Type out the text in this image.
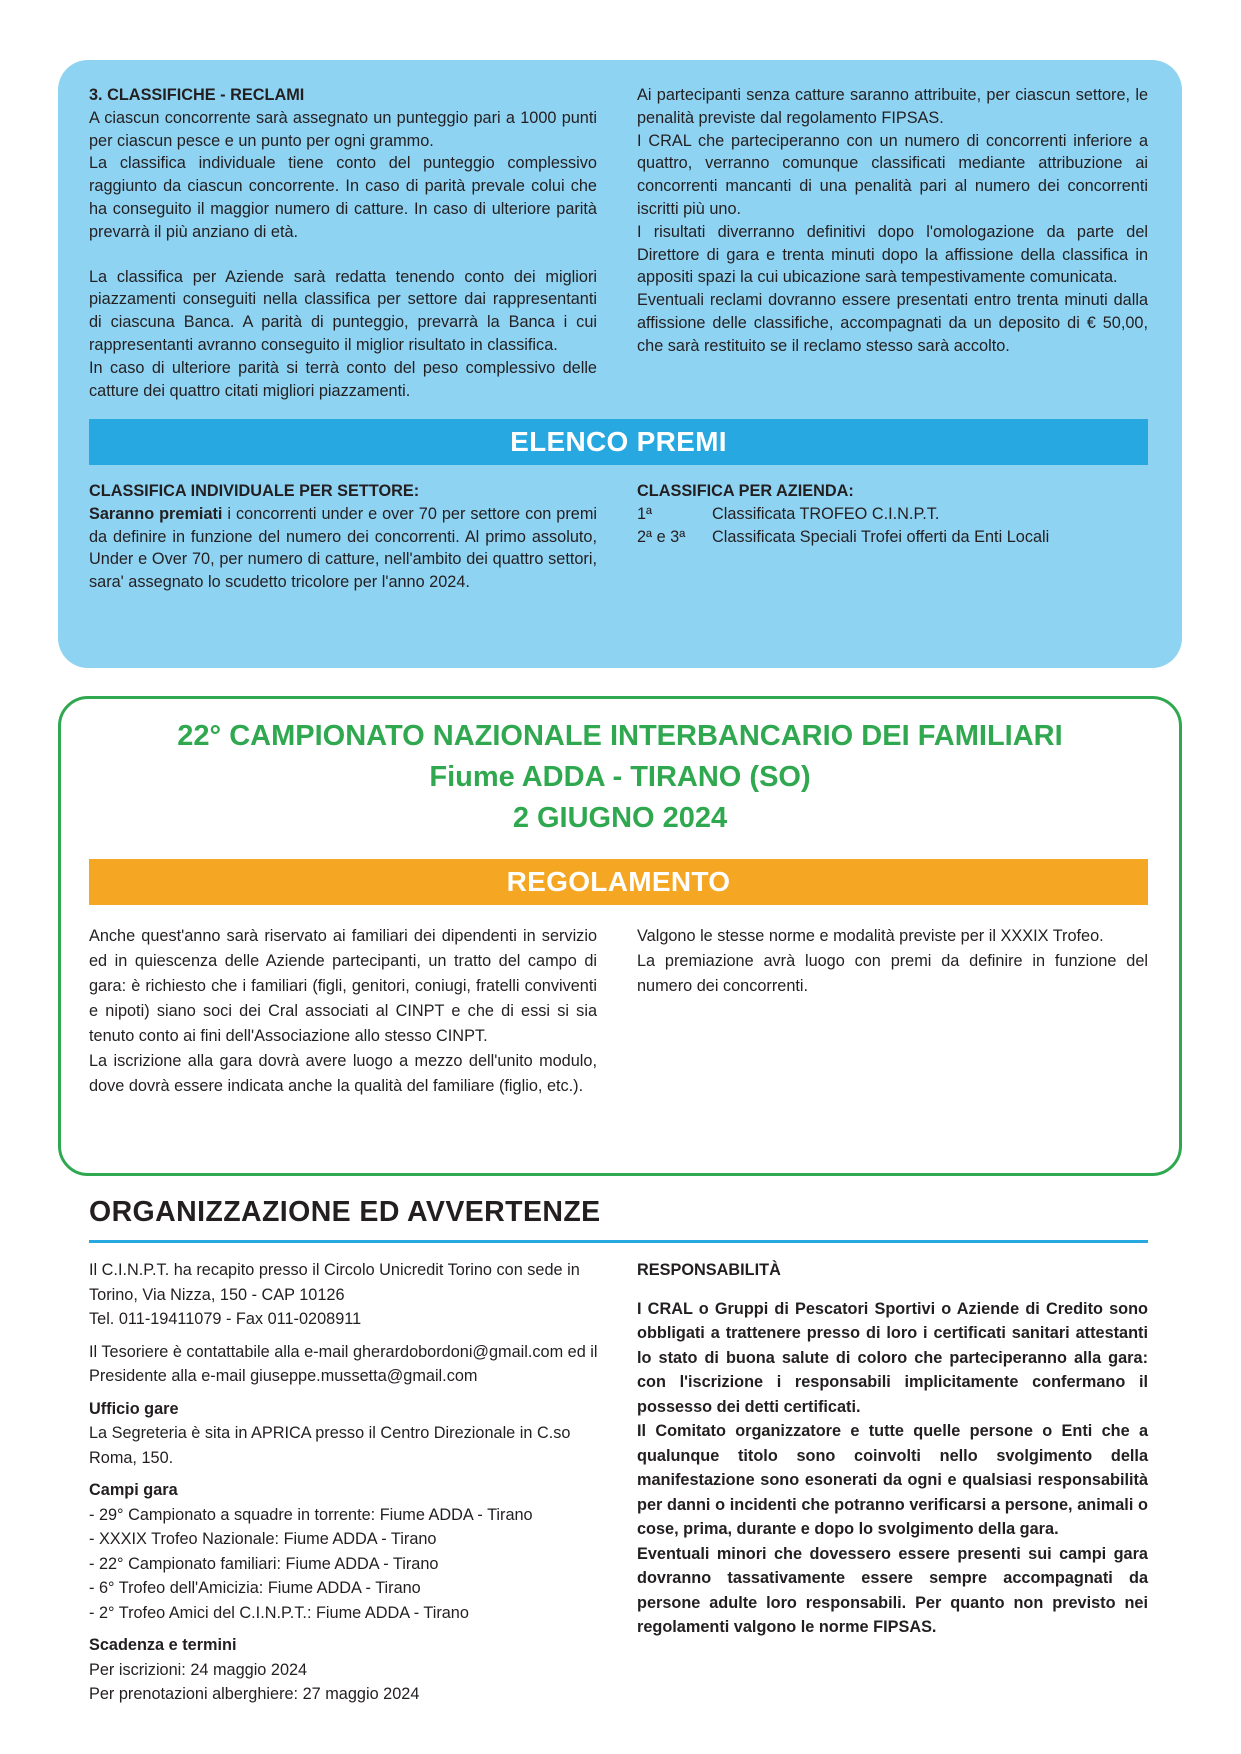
3. CLASSIFICHE - RECLAMI

A ciascun concorrente sarà assegnato un punteggio pari a 1000 punti per ciascun pesce e un punto per ogni grammo.

La classifica individuale tiene conto del punteggio complessivo raggiunto da ciascun concorrente. In caso di parità prevale colui che ha conseguito il maggior numero di catture. In caso di ulteriore parità prevarrà il più anziano di età.

La classifica per Aziende sarà redatta tenendo conto dei migliori piazzamenti conseguiti nella classifica per settore dai rappresentanti di ciascuna Banca. A parità di punteggio, prevarrà la Banca i cui rappresentanti avranno conseguito il miglior risultato in classifica.

In caso di ulteriore parità si terrà conto del peso complessivo delle catture dei quattro citati migliori piazzamenti.

Ai partecipanti senza catture saranno attribuite, per ciascun settore, le penalità previste dal regolamento FIPSAS.

I CRAL che parteciperanno con un numero di concorrenti inferiore a quattro, verranno comunque classificati mediante attribuzione ai concorrenti mancanti di una penalità pari al numero dei concorrenti iscritti più uno.

I risultati diverranno definitivi dopo l'omologazione da parte del Direttore di gara e trenta minuti dopo la affissione della classifica in appositi spazi la cui ubicazione sarà tempestivamente comunicata.

Eventuali reclami dovranno essere presentati entro trenta minuti dalla affissione delle classifiche, accompagnati da un deposito di € 50,00, che sarà restituito se il reclamo stesso sarà accolto.

ELENCO PREMI

CLASSIFICA INDIVIDUALE PER SETTORE:

Saranno premiati i concorrenti under e over 70 per settore con premi da definire in funzione del numero dei concorrenti. Al primo assoluto, Under e Over 70, per numero di catture, nell'ambito dei quattro settori, sara' assegnato lo scudetto tricolore per l'anno 2024.

CLASSIFICA PER AZIENDA:

1ª	Classificata TROFEO C.I.N.P.T.
2ª e 3ª	Classificata Speciali Trofei offerti da Enti Locali
22° CAMPIONATO NAZIONALE INTERBANCARIO DEI FAMILIARI
Fiume ADDA - TIRANO (SO)
2 GIUGNO 2024
REGOLAMENTO

Anche quest'anno sarà riservato ai familiari dei dipendenti in servizio ed in quiescenza delle Aziende partecipanti, un tratto del campo di gara: è richiesto che i familiari (figli, genitori, coniugi, fratelli conviventi e nipoti) siano soci dei Cral associati al CINPT e che di essi si sia tenuto conto ai fini dell'Associazione allo stesso CINPT.

La iscrizione alla gara dovrà avere luogo a mezzo dell'unito modulo, dove dovrà essere indicata anche la qualità del familiare (figlio, etc.).

Valgono le stesse norme e modalità previste per il XXXIX Trofeo.

La premiazione avrà luogo con premi da definire in funzione del numero dei concorrenti.

ORGANIZZAZIONE ED AVVERTENZE

Il C.I.N.P.T. ha recapito presso il Circolo Unicredit Torino con sede in Torino, Via Nizza, 150 - CAP 10126

Tel. 011-19411079 - Fax 011-0208911

Il Tesoriere è contattabile alla e-mail gherardobordoni@gmail.com ed il Presidente alla e-mail giuseppe.mussetta@gmail.com

Ufficio gare

La Segreteria è sita in APRICA presso il Centro Direzionale in C.so Roma, 150.

Campi gara

- 29° Campionato a squadre in torrente: Fiume ADDA - Tirano

- XXXIX Trofeo Nazionale: Fiume ADDA - Tirano

- 22° Campionato familiari: Fiume ADDA - Tirano

- 6° Trofeo dell'Amicizia: Fiume ADDA - Tirano

- 2° Trofeo Amici del C.I.N.P.T.: Fiume ADDA - Tirano

Scadenza e termini

Per iscrizioni: 24 maggio 2024

Per prenotazioni alberghiere: 27 maggio 2024

RESPONSABILITÀ

I CRAL o Gruppi di Pescatori Sportivi o Aziende di Credito sono obbligati a trattenere presso di loro i certificati sanitari attestanti lo stato di buona salute di coloro che parteciperanno alla gara: con l'iscrizione i responsabili implicitamente confermano il possesso dei detti certificati.

Il Comitato organizzatore e tutte quelle persone o Enti che a qualunque titolo sono coinvolti nello svolgimento della manifestazione sono esonerati da ogni e qualsiasi responsabilità per danni o incidenti che potranno verificarsi a persone, animali o cose, prima, durante e dopo lo svolgimento della gara.

Eventuali minori che dovessero essere presenti sui campi gara dovranno tassativamente essere sempre accompagnati da persone adulte loro responsabili. Per quanto non previsto nei regolamenti valgono le norme FIPSAS.
